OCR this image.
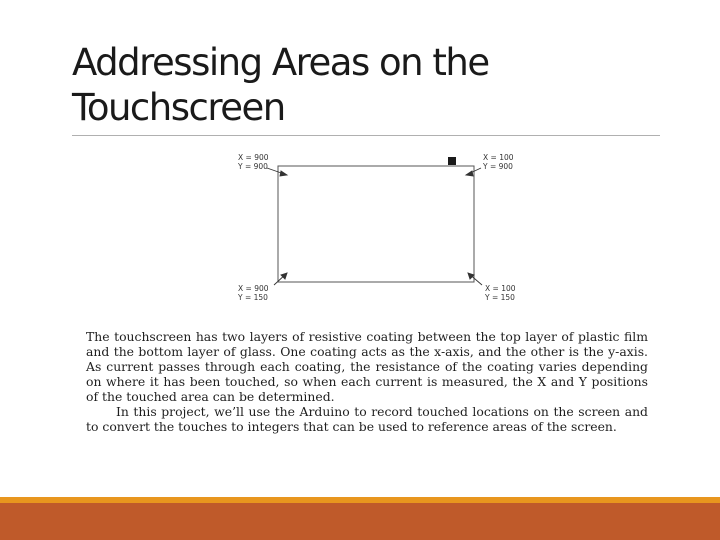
Addressing Areas on the
Touchscreen
X = 900
Y = 900
X = 100
Y = 900
X = 900
Y = 150
X = 100
Y = 150

The touchscreen has two layers of resistive coating between the top layer of plastic film and the bottom layer of glass. One coating acts as the x-axis, and the other is the y-axis. As current passes through each coating, the resistance of the coating varies depending on where it has been touched, so when each current is measured, the X and Y positions of the touched area can be determined.

In this project, we’ll use the Arduino to record touched locations on the screen and to convert the touches to integers that can be used to reference areas of the screen.
